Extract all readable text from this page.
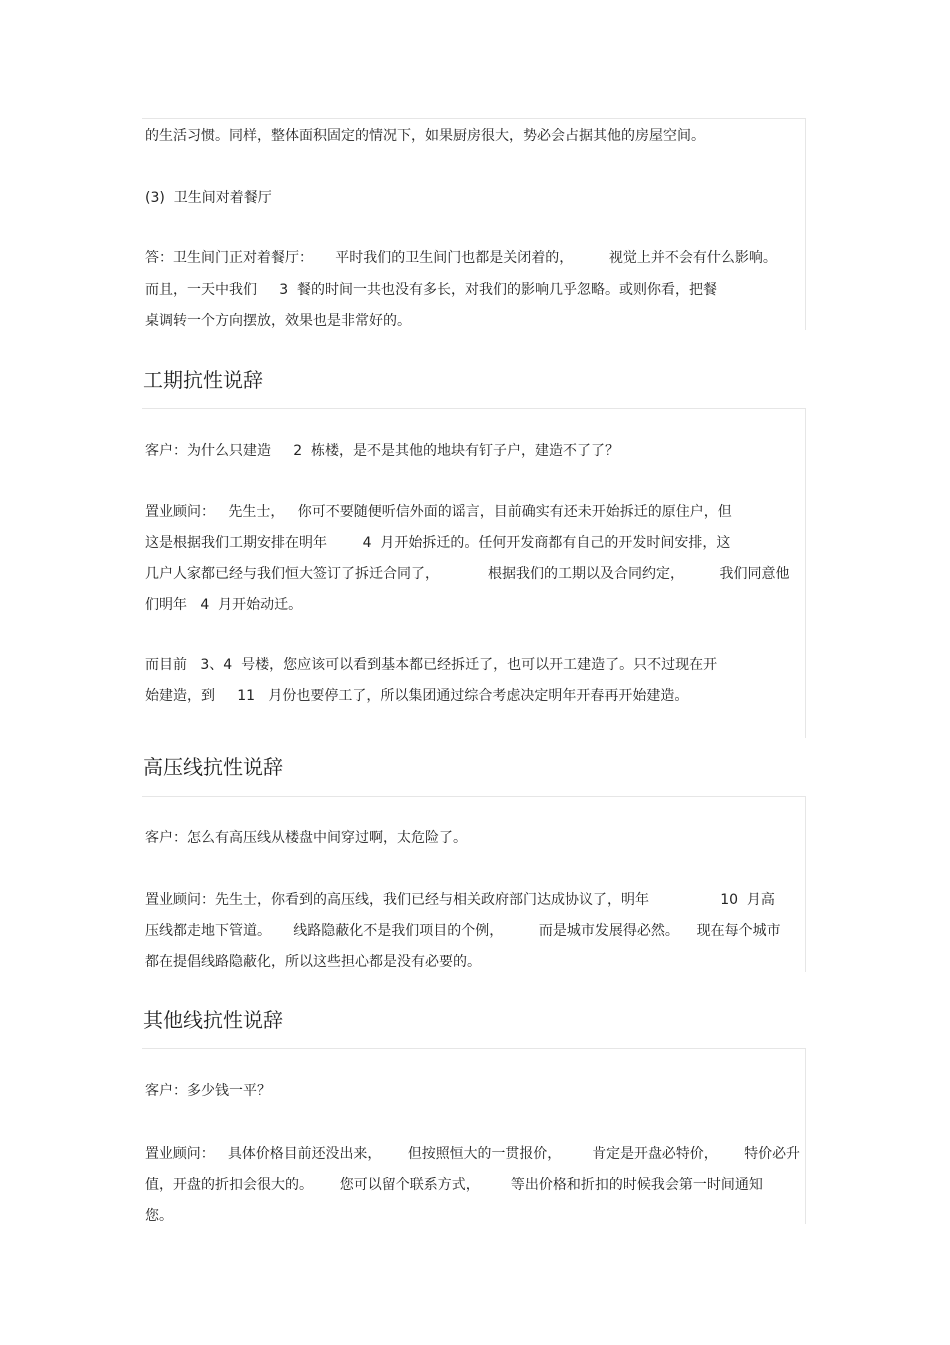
的生活习惯。同样，整体面积固定的情况下，如果厨房很大，势必会占据其他的房屋空间。

(3)  卫生间对着餐厅

答：卫生间门正对着餐厅：     平时我们的卫生间门也都是关闭着的，        视觉上并不会有什么影响。

而且，一天中我们     3  餐的时间一共也没有多长，对我们的影响几乎忽略。或则你看，把餐

桌调转一个方向摆放，效果也是非常好的。

工期抗性说辞

客户：为什么只建造     2  栋楼，是不是其他的地块有钉子户，建造不了了？

置业顾问：   先生士，   你可不要随便听信外面的谣言，目前确实有还未开始拆迁的原住户，但

这是根据我们工期安排在明年        4  月开始拆迁的。任何开发商都有自己的开发时间安排，这

几户人家都已经与我们恒大签订了拆迁合同了，           根据我们的工期以及合同约定，        我们同意他

们明年   4  月开始动迁。

而目前   3、4  号楼，您应该可以看到基本都已经拆迁了，也可以开工建造了。只不过现在开

始建造，到     11   月份也要停工了，所以集团通过综合考虑决定明年开春再开始建造。

高压线抗性说辞

客户：怎么有高压线从楼盘中间穿过啊，太危险了。

置业顾问：先生士，你看到的高压线，我们已经与相关政府部门达成协议了，明年                10  月高

压线都走地下管道。     线路隐蔽化不是我们项目的个例，        而是城市发展得必然。    现在每个城市

都在提倡线路隐蔽化，所以这些担心都是没有必要的。

其他线抗性说辞

客户：多少钱一平？

置业顾问：   具体价格目前还没出来，      但按照恒大的一贯报价，       肯定是开盘必特价，      特价必升

值，开盘的折扣会很大的。      您可以留个联系方式，       等出价格和折扣的时候我会第一时间通知

您。
